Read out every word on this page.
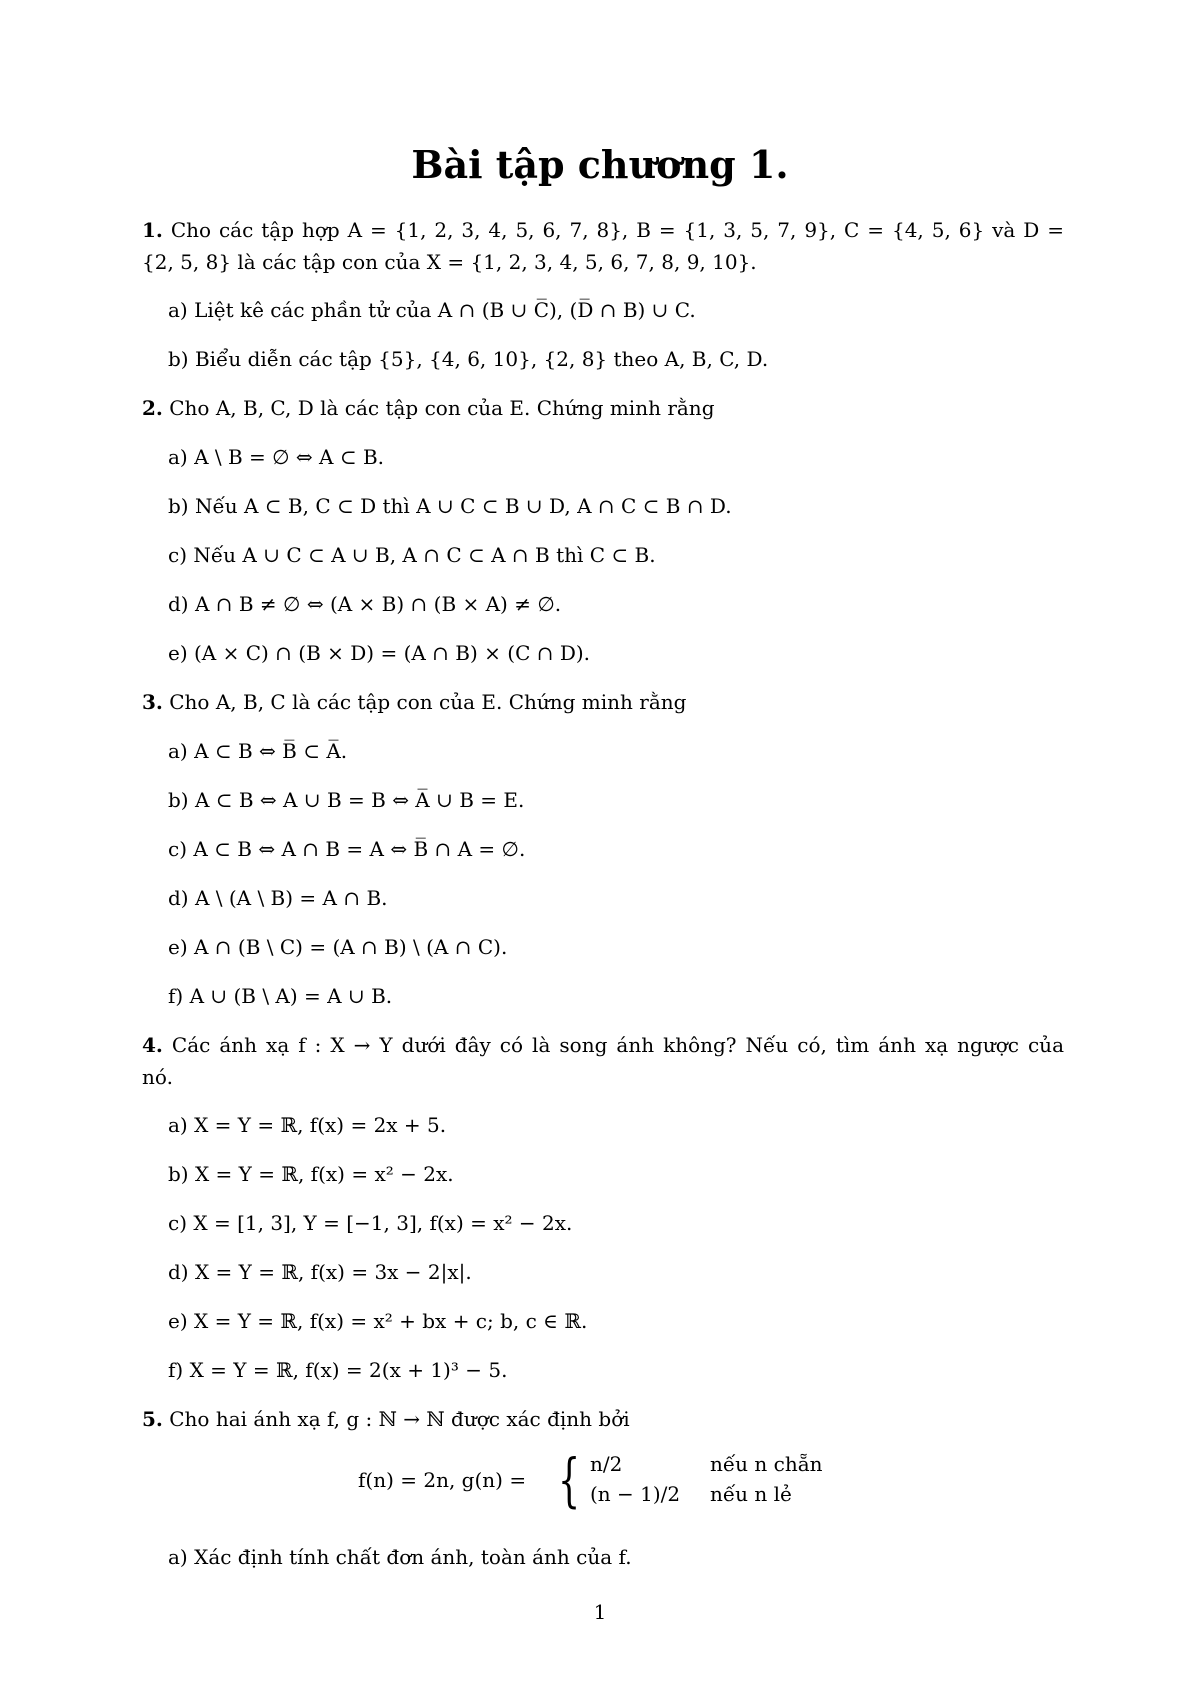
Bài tập chương 1.
1. Cho các tập hợp A = {1, 2, 3, 4, 5, 6, 7, 8}, B = {1, 3, 5, 7, 9}, C = {4, 5, 6} và D =
{2, 5, 8} là các tập con của X = {1, 2, 3, 4, 5, 6, 7, 8, 9, 10}.
a) Liệt kê các phần tử của A ∩ (B ∪ C̅), (D̅ ∩ B) ∪ C.
b) Biểu diễn các tập {5}, {4, 6, 10}, {2, 8} theo A, B, C, D.
2. Cho A, B, C, D là các tập con của E. Chứng minh rằng
a) A \ B = ∅ ⇔ A ⊂ B.
b) Nếu A ⊂ B, C ⊂ D thì A ∪ C ⊂ B ∪ D, A ∩ C ⊂ B ∩ D.
c) Nếu A ∪ C ⊂ A ∪ B, A ∩ C ⊂ A ∩ B thì C ⊂ B.
d) A ∩ B ≠ ∅ ⇔ (A × B) ∩ (B × A) ≠ ∅.
e) (A × C) ∩ (B × D) = (A ∩ B) × (C ∩ D).
3. Cho A, B, C là các tập con của E. Chứng minh rằng
a) A ⊂ B ⇔ B̅ ⊂ A̅.
b) A ⊂ B ⇔ A ∪ B = B ⇔ A̅ ∪ B = E.
c) A ⊂ B ⇔ A ∩ B = A ⇔ B̅ ∩ A = ∅.
d) A \ (A \ B) = A ∩ B.
e) A ∩ (B \ C) = (A ∩ B) \ (A ∩ C).
f) A ∪ (B \ A) = A ∪ B.
4. Các ánh xạ f : X → Y dưới đây có là song ánh không? Nếu có, tìm ánh xạ ngược của
nó.
a) X = Y = ℝ, f(x) = 2x + 5.
b) X = Y = ℝ, f(x) = x² − 2x.
c) X = [1, 3], Y = [−1, 3], f(x) = x² − 2x.
d) X = Y = ℝ, f(x) = 3x − 2|x|.
e) X = Y = ℝ, f(x) = x² + bx + c; b, c ∈ ℝ.
f) X = Y = ℝ, f(x) = 2(x + 1)³ − 5.
5. Cho hai ánh xạ f, g : ℕ → ℕ được xác định bởi
f(n) = 2n, g(n) = { n/2	nếu n chẵn
(n − 1)/2 nếu n lẻ
a) Xác định tính chất đơn ánh, toàn ánh của f.
1
